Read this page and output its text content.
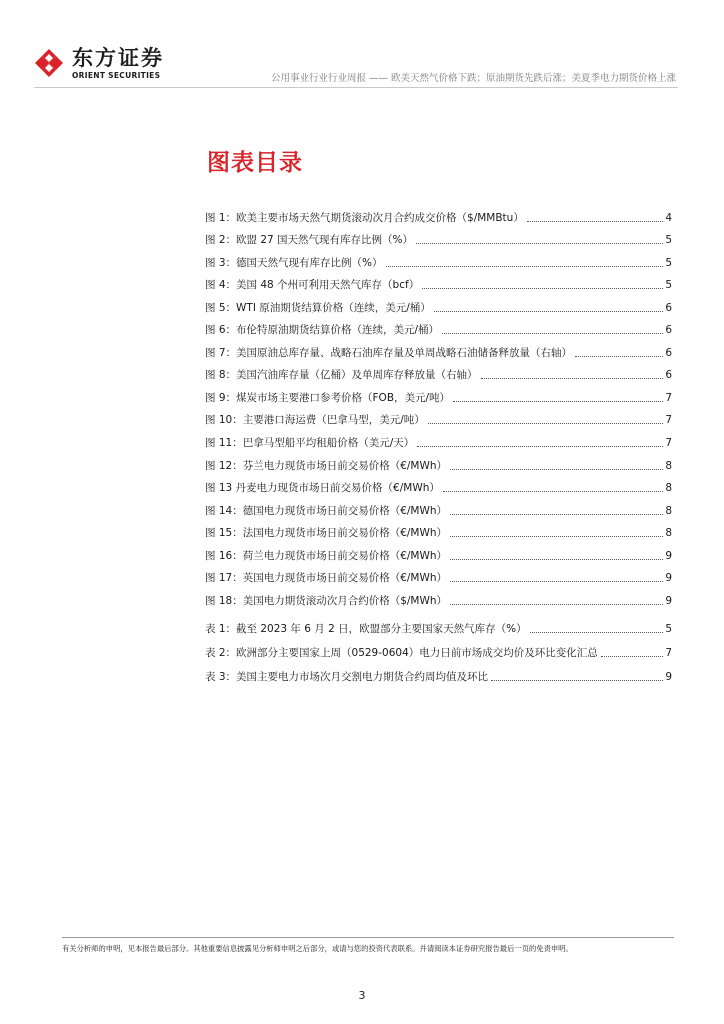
东方证券
ORIENT SECURITIES	公用事业行业行业周报 —— 欧美天然气价格下跌；原油期货先跌后涨；美夏季电力期货价格上涨
图表目录
图 1：欧美主要市场天然气期货滚动次月合约成交价格（$/MMBtu）	4
图 2：欧盟 27 国天然气现有库存比例（%）	5
图 3：德国天然气现有库存比例（%）	5
图 4：美国 48 个州可利用天然气库存（bcf）	5
图 5：WTI 原油期货结算价格（连续，美元/桶）	6
图 6：布伦特原油期货结算价格（连续，美元/桶）	6
图 7：美国原油总库存量、战略石油库存量及单周战略石油储备释放量（右轴）	6
图 8：美国汽油库存量（亿桶）及单周库存释放量（右轴）	6
图 9：煤炭市场主要港口参考价格（FOB，美元/吨）	7
图 10：主要港口海运费（巴拿马型，美元/吨）	7
图 11：巴拿马型船平均租船价格（美元/天）	7
图 12：芬兰电力现货市场日前交易价格（€/MWh）	8
图 13 丹麦电力现货市场日前交易价格（€/MWh）	8
图 14：德国电力现货市场日前交易价格（€/MWh）	8
图 15：法国电力现货市场日前交易价格（€/MWh）	8
图 16：荷兰电力现货市场日前交易价格（€/MWh）	9
图 17：英国电力现货市场日前交易价格（€/MWh）	9
图 18：美国电力期货滚动次月合约价格（$/MWh）	9
表 1：截至 2023 年 6 月 2 日，欧盟部分主要国家天然气库存（%）	5
表 2：欧洲部分主要国家上周（0529-0604）电力日前市场成交均价及环比变化汇总	7
表 3：美国主要电力市场次月交割电力期货合约周均值及环比	9
有关分析师的申明，见本报告最后部分。其他重要信息披露见分析师申明之后部分，或请与您的投资代表联系。并请阅读本证券研究报告最后一页的免责申明。
3
